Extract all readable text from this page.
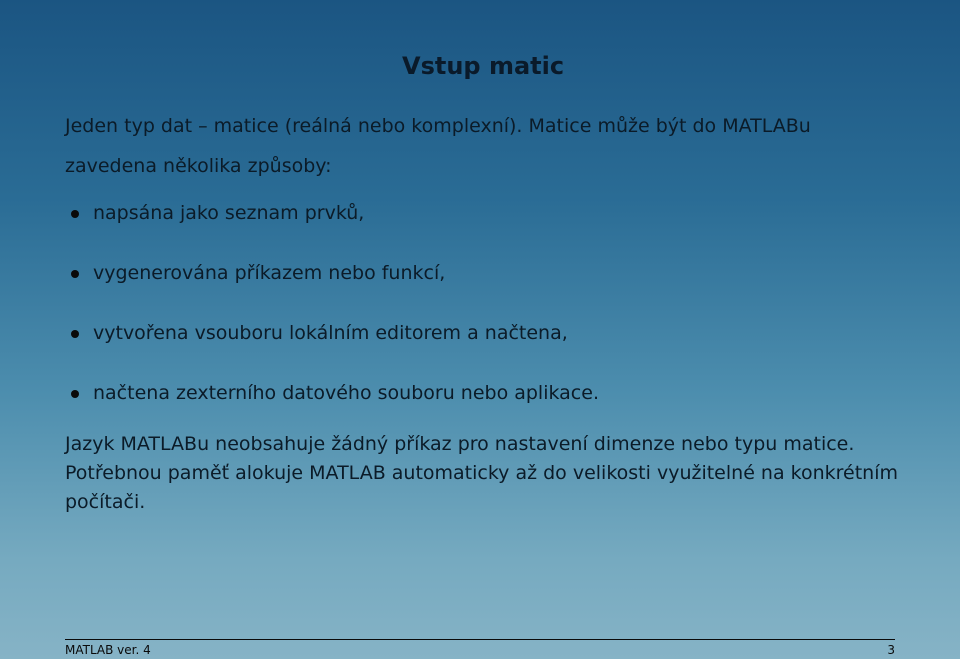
Vstup matic
Jeden typ dat – matice (reálná nebo komplexní). Matice může být do MATLABu zavedena několika způsoby:
napsána jako seznam prvků,
vygenerována příkazem nebo funkcí,
vytvořena vsouboru lokálním editorem a načtena,
načtena zexterního datového souboru nebo aplikace.
Jazyk MATLABu neobsahuje žádný příkaz pro nastavení dimenze nebo typu matice. Potřebnou paměť alokuje MATLAB automaticky až do velikosti využitelné na konkrétním počítači.
MATLAB ver. 4	3
